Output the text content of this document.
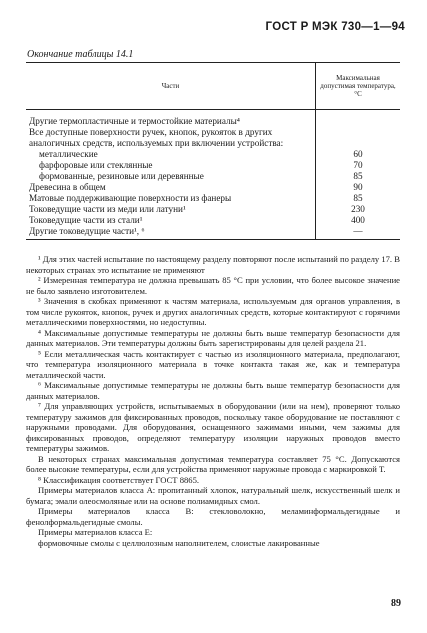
ГОСТ Р МЭК 730—1—94
Окончание таблицы 14.1
Части	Максимальная допустимая температура, °С
Другие термопластичные и термостойкие материалы⁴	
Все доступные поверхности ручек, кнопок, рукояток в других аналогичных средств, используемых при включении устройства:	
металлические	60
фарфоровые или стеклянные	70
формованные, резиновые или деревянные	85
Древесина в общем	90
Матовые поддерживающие поверхности из фанеры	85
Токоведущие части из меди или латуни¹	230
Токоведущие части из стали¹	400
Другие токоведущие части¹, ⁶	—

¹ Для этих частей испытание по настоящему разделу повторяют после испытаний по разделу 17. В некоторых странах это испытание не применяют

² Измеренная температура не должна превышать 85 °С при условии, что более высокое значение не было заявлено изготовителем.

³ Значения в скобках применяют к частям материала, используемым для органов управления, в том числе рукояток, кнопок, ручек и других аналогичных средств, которые контактируют с горячими металлическими поверхностями, но недоступны.

⁴ Максимальные допустимые температуры не должны быть выше температур безопасности для данных материалов. Эти температуры должны быть зарегистрированы для целей раздела 21.

⁵ Если металлическая часть контактирует с частью из изоляционного материала, предполагают, что температура изоляционного материала в точке контакта такая же, как и температура металлической части.

⁶ Максимальные допустимые температуры не должны быть выше температур безопасности для данных материалов.

⁷ Для управляющих устройств, испытываемых в оборудовании (или на нем), проверяют только температуру зажимов для фиксированных проводов, поскольку такое оборудование не поставляют с наружными проводами. Для оборудования, оснащенного зажимами иными, чем зажимы для фиксированных проводов, определяют температуру изоляции наружных проводов вместо температуры зажимов.

В некоторых странах максимальная допустимая температура составляет 75 °С. Допускаются более высокие температуры, если для устройства применяют наружные провода с маркировкой Т.

⁸ Классификация соответствует ГОСТ 8865.

Примеры материалов класса А: пропитанный хлопок, натуральный шелк, искусственный шелк и бумага; эмали олеосмоляные или на основе полиамидных смол.

Примеры материалов класса В: стекловолокно, меламинформальдегидные и фенолформальдегидные смолы.

Примеры материалов класса Е:

формовочные смолы с целлюлозным наполнителем, слоистые лакированные

89
